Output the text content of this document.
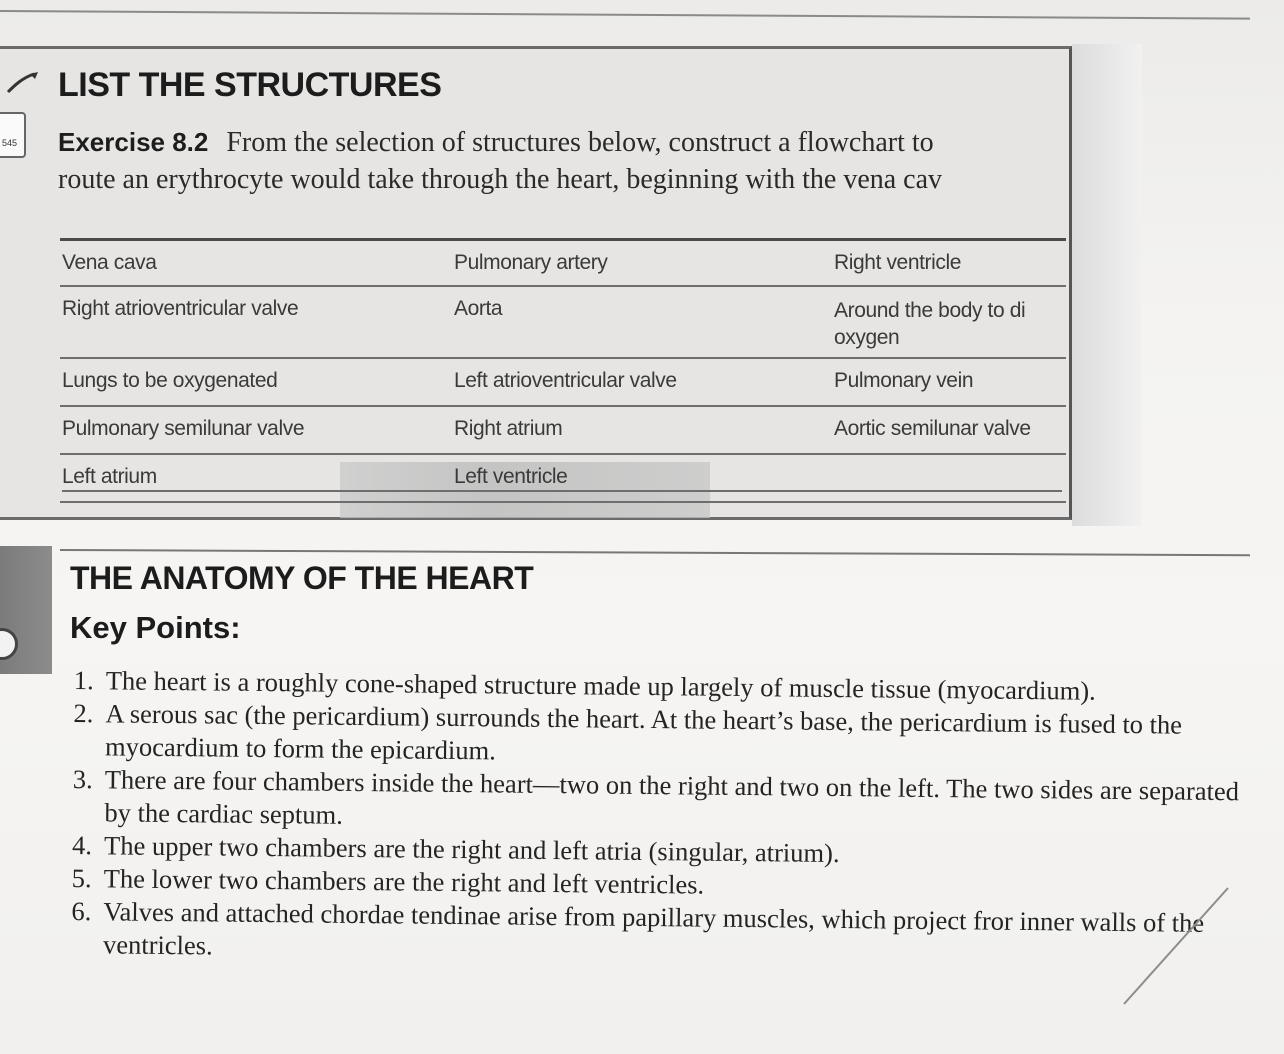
545
LIST THE STRUCTURES

Exercise 8.2 From the selection of structures below, construct a flowchart to
route an erythrocyte would take through the heart, beginning with the vena cav

Vena cava	Pulmonary artery	Right ventricle
Right atrioventricular valve	Aorta	Around the body to di
oxygen
Lungs to be oxygenated	Left atrioventricular valve	Pulmonary vein
Pulmonary semilunar valve	Right atrium	Aortic semilunar valve
Left atrium	Left ventricle	
THE ANATOMY OF THE HEART
Key Points:
1. The heart is a roughly cone-shaped structure made up largely of muscle tissue (myocardium).
2. A serous sac (the pericardium) surrounds the heart. At the heart’s base, the pericardium is fused to the myocardium to form the epicardium.
3. There are four chambers inside the heart—two on the right and two on the left. The two sides are separated by the cardiac septum.
4. The upper two chambers are the right and left atria (singular, atrium).
5. The lower two chambers are the right and left ventricles.
6. Valves and attached chordae tendinae arise from papillary muscles, which project fror inner walls of the ventricles.
